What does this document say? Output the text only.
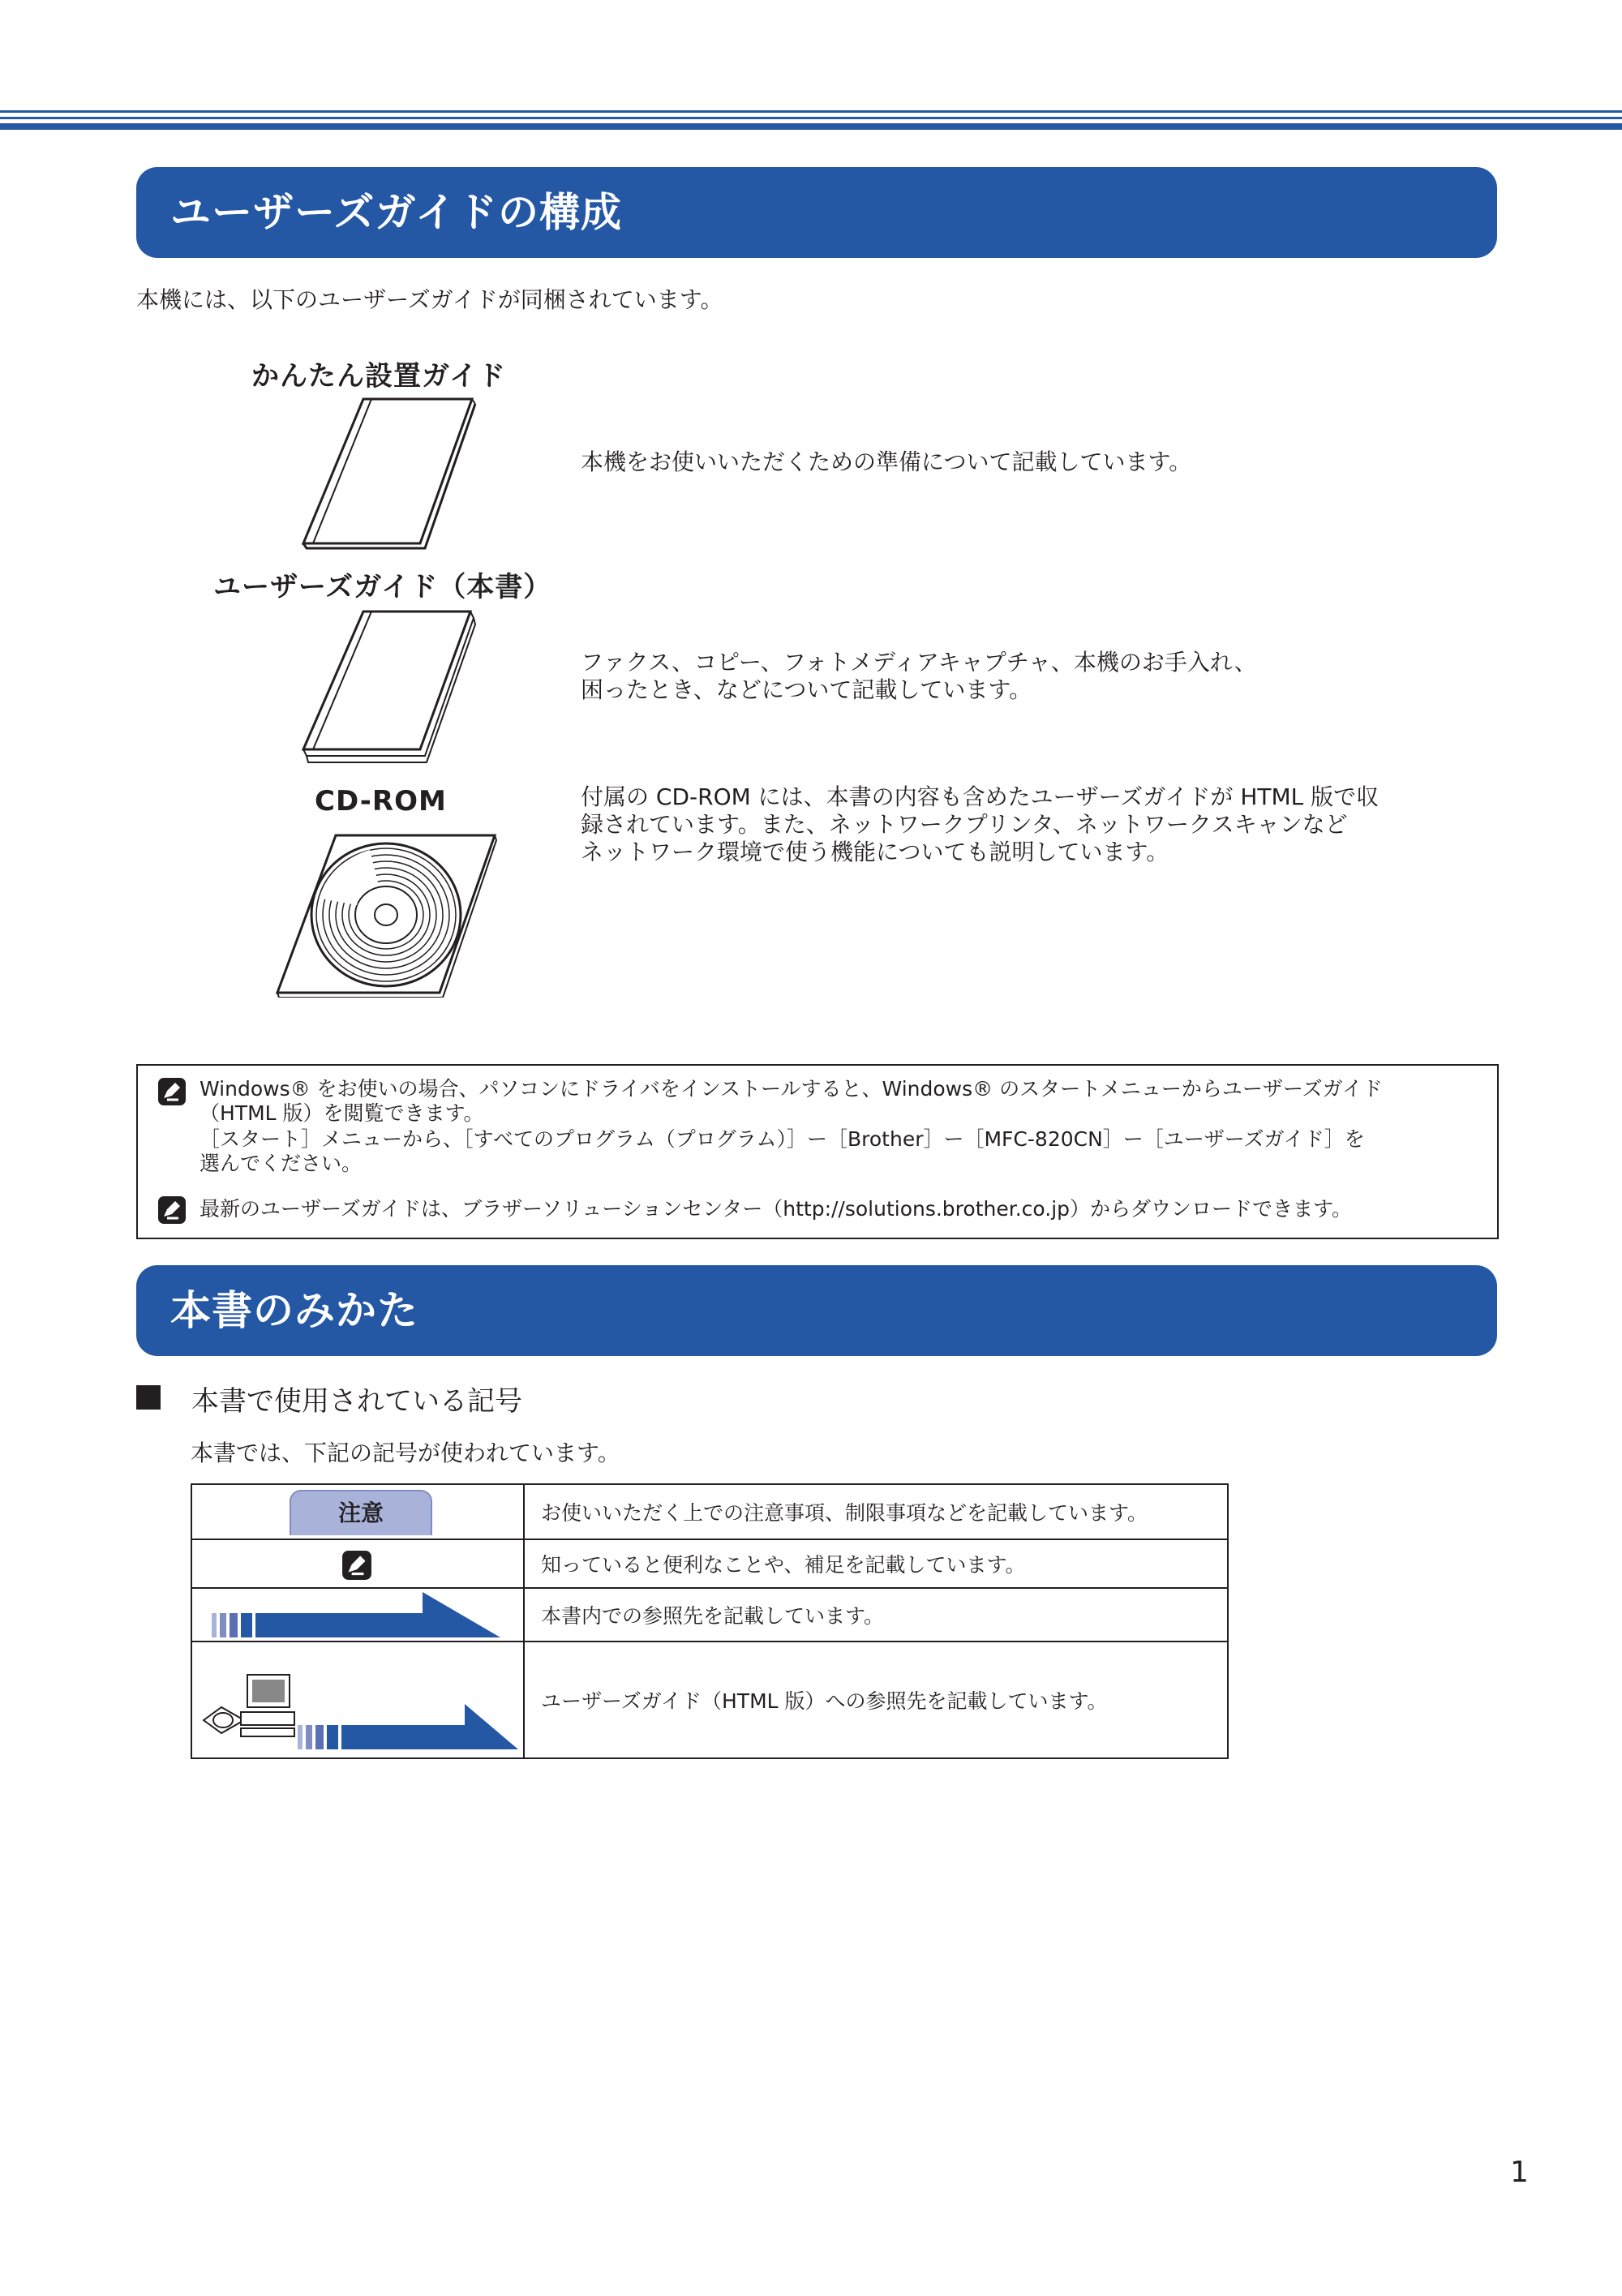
ユーザーズガイドの構成
本機には、以下のユーザーズガイドが同梱されています。
かんたん設置ガイド
本機をお使いいただくための準備について記載しています。
ユーザーズガイド（本書）
ファクス、コピー、フォトメディアキャプチャ、本機のお手入れ、
困ったとき、などについて記載しています。
CD-ROM	付属の CD-ROM には、本書の内容も含めたユーザーズガイドが HTML 版で収
録されています。また、ネットワークプリンタ、ネットワークスキャンなど
ネットワーク環境で使う機能についても説明しています。
Windows® をお使いの場合、パソコンにドライバをインストールすると、Windows® のスタートメニューからユーザーズガイド
（HTML 版）を閲覧できます。
［スタート］メニューから、［すべてのプログラム（プログラム）］ー［Brother］ー［MFC-820CN］ー［ユーザーズガイド］を
選んでください。
最新のユーザーズガイドは、ブラザーソリューションセンター（http://solutions.brother.co.jp）からダウンロードできます。
本書のみかた
本書で使用されている記号
本書では、下記の記号が使われています。
注意	お使いいただく上での注意事項、制限事項などを記載しています。

	知っていると便利なことや、補足を記載しています。

	本書内での参照先を記載しています。

	ユーザーズガイド（HTML 版）への参照先を記載しています。
1
